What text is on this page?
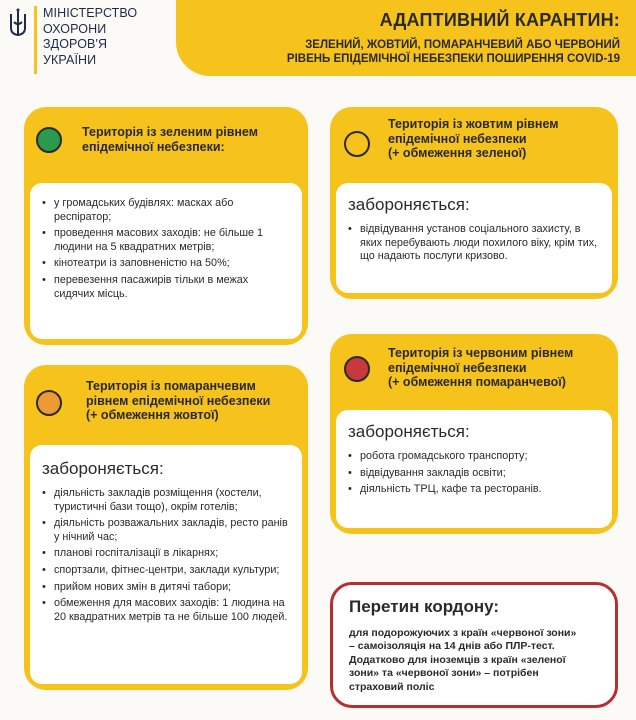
МІНІСТЕРСТВО
ОХОРОНИ
ЗДОРОВ'Я
УКРАЇНИ
АДАПТИВНИЙ КАРАНТИН:
ЗЕЛЕНИЙ, ЖОВТИЙ, ПОМАРАНЧЕВИЙ АБО ЧЕРВОНИЙ
РІВЕНЬ ЕПІДЕМІЧНОЇ НЕБЕЗПЕКИ ПОШИРЕННЯ COVID-19
Територія із зеленим рівнем
епідемічної небезпеки:
• у громадських будівлях: масках або респіратор;
• проведення масових заходів: не більше 1 людини на 5 квадратних метрів;
• кінотеатри із заповненістю на 50%;
• перевезення пасажирів тільки в межах сидячих місць.
Територія із жовтим рівнем
епідемічної небезпеки
(+ обмеження зеленої)
забороняється:
• відвідування установ соціального захисту, в яких перебувають люди похилого віку, крім тих, що надають послуги кризово.
Територія із червоним рівнем
епідемічної небезпеки
(+ обмеження помаранчевої)
забороняється:
• робота громадського транспорту;
• відвідування закладів освіти;
• діяльність ТРЦ, кафе та ресторанів.
Територія із помаранчевим
рівнем епідемічної небезпеки
(+ обмеження жовтої)
забороняється:
• діяльність закладів розміщення (хостели, туристичні бази тощо), окрім готелів;
• діяльність розважальних закладів, ресто ранів у нічний час;
• планові госпіталізації в лікарнях;
• спортзали, фітнес-центри, заклади культури;
• прийом нових змін в дитячі табори;
• обмеження для масових заходів: 1 людина на 20 квадратних метрів та не більше 100 людей.
Перетин кордону:
для подорожуючих з країн «червоної зони»
– самоізоляція на 14 днів або ПЛР-тест.
Додатково для іноземців з країн «зеленої
зони» та «червоної зони» – потрібен
страховий поліс
